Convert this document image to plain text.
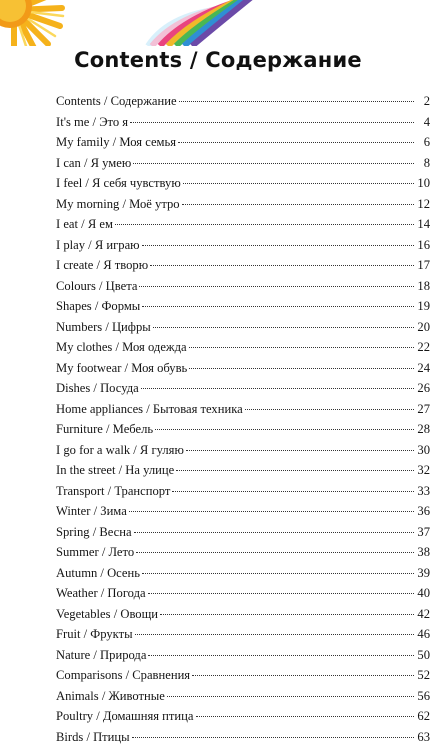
Contents / Содержание
Contents / Содержание	2
It's me / Это я	4
My family / Моя семья	6
I can / Я умею	8
I feel / Я себя чувствую	10
My morning / Моё утро	12
I eat / Я ем	14
I play / Я играю	16
I create / Я творю	17
Colours / Цвета	18
Shapes / Формы	19
Numbers / Цифры	20
My clothes / Моя одежда	22
My footwear / Моя обувь	24
Dishes / Посуда	26
Home appliances / Бытовая техника	27
Furniture / Мебель	28
I go for a walk / Я гуляю	30
In the street / На улице	32
Transport / Транспорт	33
Winter / Зима	36
Spring / Весна	37
Summer / Лето	38
Autumn / Осень	39
Weather / Погода	40
Vegetables / Овощи	42
Fruit / Фрукты	46
Nature / Природа	50
Comparisons / Сравнения	52
Animals / Животные	56
Poultry / Домашняя птица	62
Birds / Птицы	63
